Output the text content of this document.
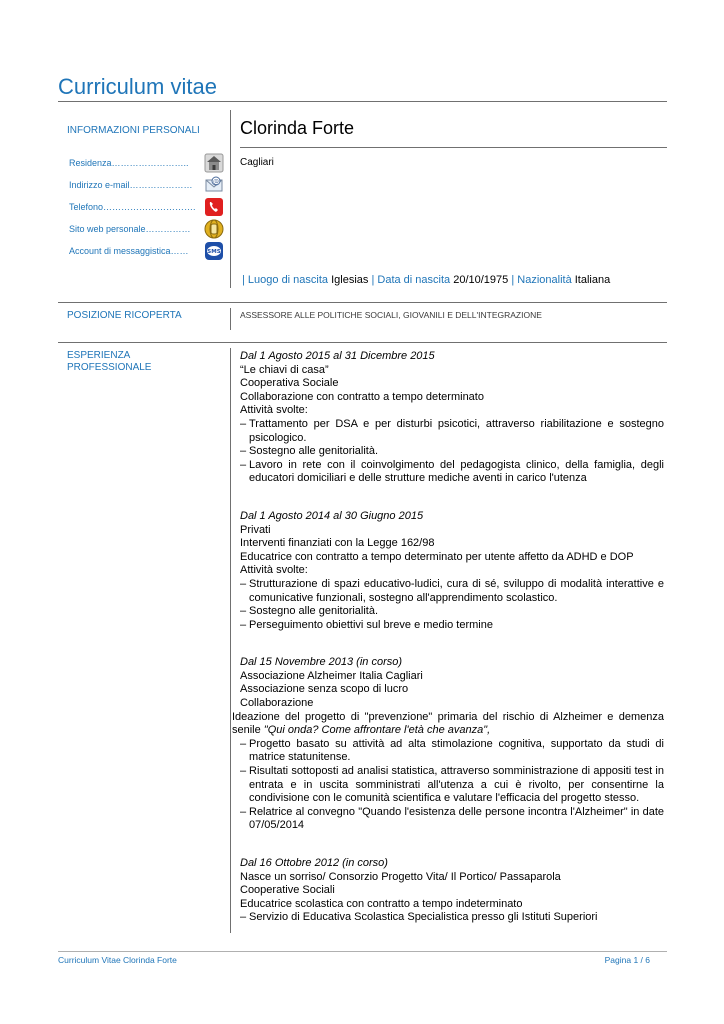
Curriculum vitae
INFORMAZIONI PERSONALI Clorinda Forte
Cagliari
Residenza……………………..
Indirizzo e-mail…………………	@
Telefono………………………….
Sito web personale……………
Account di messaggistica……	SMS
| Luogo di nascita Iglesias | Data di nascita 20/10/1975 | Nazionalità Italiana
POSIZIONE RICOPERTA	ASSESSORE ALLE POLITICHE SOCIALI, GIOVANILI E DELL'INTEGRAZIONE
ESPERIENZA PROFESSIONALE
Dal 1 Agosto 2015 al 31 Dicembre 2015
“Le chiavi di casa”
Cooperativa Sociale
Collaborazione con contratto a tempo determinato
Attività svolte:
– Trattamento per DSA e per disturbi psicotici, attraverso riabilitazione e sostegno psicologico.
– Sostegno alle genitorialità.
– Lavoro in rete con il coinvolgimento del pedagogista clinico, della famiglia, degli educatori domiciliari e delle strutture mediche aventi in carico l'utenza
Dal 1 Agosto 2014 al 30 Giugno 2015
Privati
Interventi finanziati con la Legge 162/98
Educatrice con contratto a tempo determinato per utente affetto da ADHD e DOP
Attività svolte:
– Strutturazione di spazi educativo-ludici, cura di sé, sviluppo di modalità interattive e comunicative funzionali, sostegno all'apprendimento scolastico.
– Sostegno alle genitorialità.
– Perseguimento obiettivi sul breve e medio termine
Dal 15 Novembre 2013 (in corso)
Associazione Alzheimer Italia Cagliari
Associazione senza scopo di lucro
Collaborazione
Ideazione del progetto di "prevenzione" primaria del rischio di Alzheimer e demenza senile "Qui onda? Come affrontare l'età che avanza",
– Progetto basato su attività ad alta stimolazione cognitiva, supportato da studi di matrice statunitense.
– Risultati sottoposti ad analisi statistica, attraverso somministrazione di appositi test in entrata e in uscita somministrati all'utenza a cui è rivolto, per consentirne la condivisione con le comunità scientifica e valutare l'efficacia del progetto stesso.
– Relatrice al convegno "Quando l'esistenza delle persone incontra l'Alzheimer" in date 07/05/2014
Dal 16 Ottobre 2012 (in corso)
Nasce un sorriso/ Consorzio Progetto Vita/ Il Portico/ Passaparola
Cooperative Sociali
Educatrice scolastica con contratto a tempo indeterminato
– Servizio di Educativa Scolastica Specialistica presso gli Istituti Superiori
Curriculum Vitae Clorinda Forte	Pagina 1 / 6
